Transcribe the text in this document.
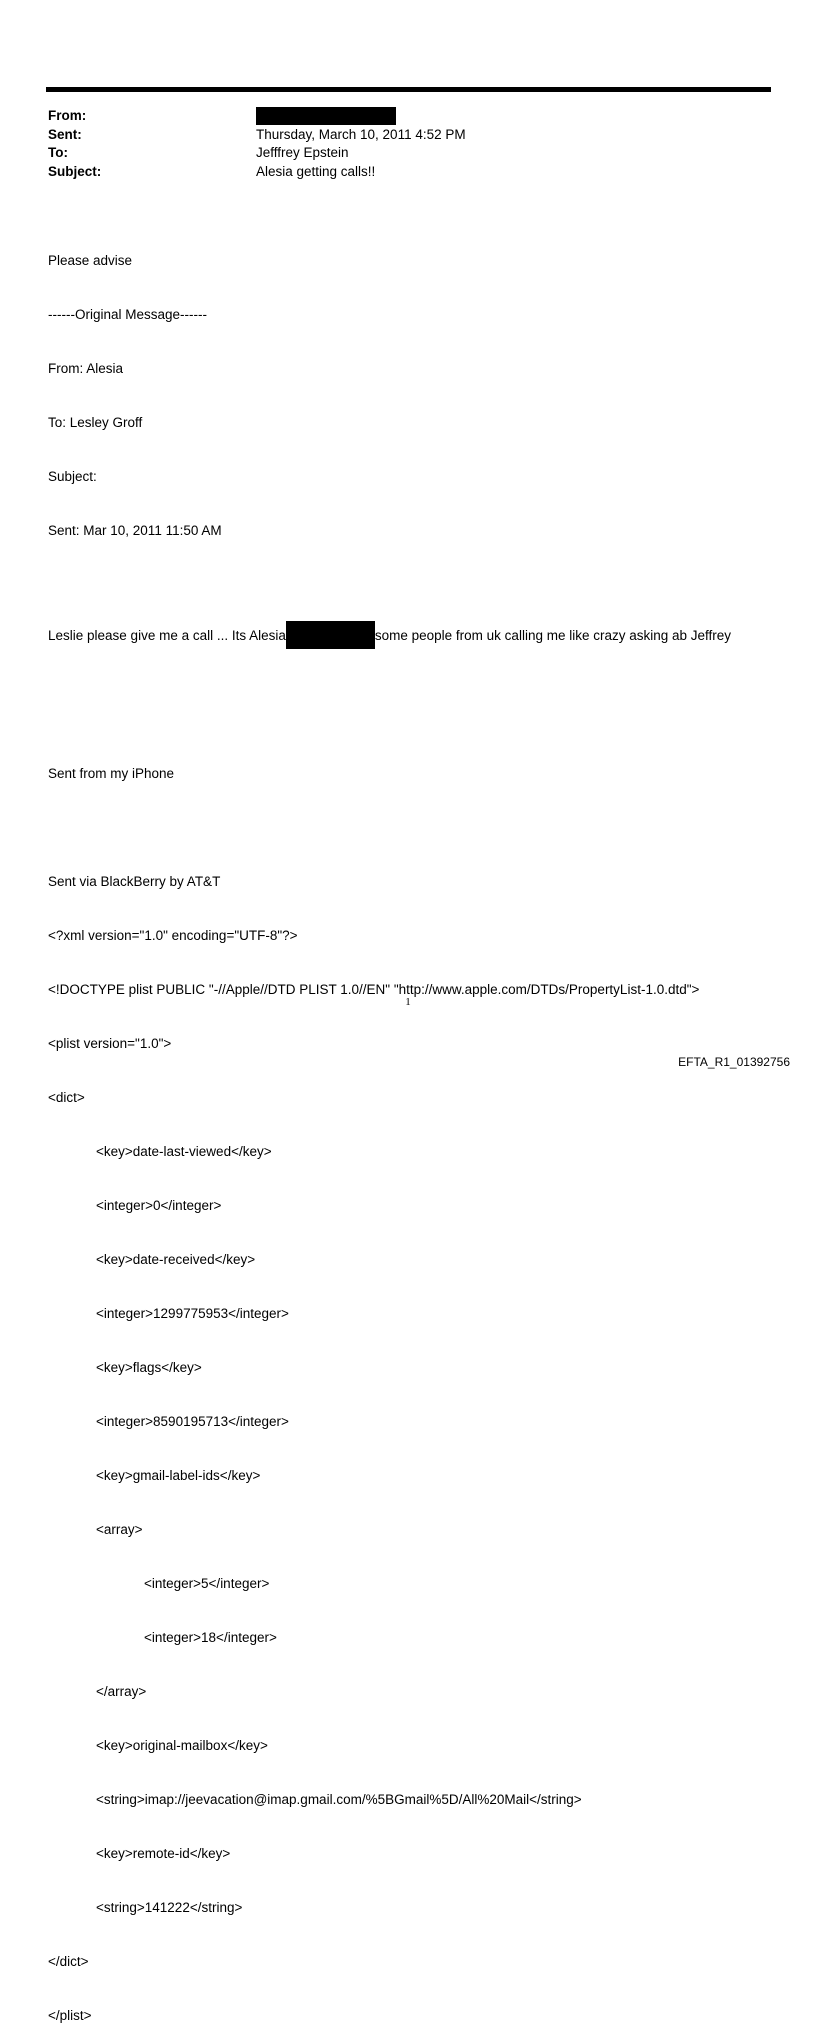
From:
Sent:	Thursday, March 10, 2011 4:52 PM
To:	Jefffrey Epstein
Subject:	Alesia getting calls!!

Please advise

------Original Message------

From: Alesia

To: Lesley Groff

Subject:

Sent: Mar 10, 2011 11:50 AM

Leslie please give me a call ... Its Alesia	some people from uk calling me like crazy asking ab Jeffrey

Sent from my iPhone

Sent via BlackBerry by AT&T

<?xml version="1.0" encoding="UTF-8"?>

<!DOCTYPE plist PUBLIC "-//Apple//DTD PLIST 1.0//EN" "http://www.apple.com/DTDs/PropertyList-1.0.dtd">

<plist version="1.0">

<dict>

<key>date-last-viewed</key>

<integer>0</integer>

<key>date-received</key>

<integer>1299775953</integer>

<key>flags</key>

<integer>8590195713</integer>

<key>gmail-label-ids</key>

<array>

<integer>5</integer>

<integer>18</integer>

</array>

<key>original-mailbox</key>

<string>imap://jeevacation@imap.gmail.com/%5BGmail%5D/All%20Mail</string>

<key>remote-id</key>

<string>141222</string>

</dict>

</plist>

1
EFTA_R1_01392756
